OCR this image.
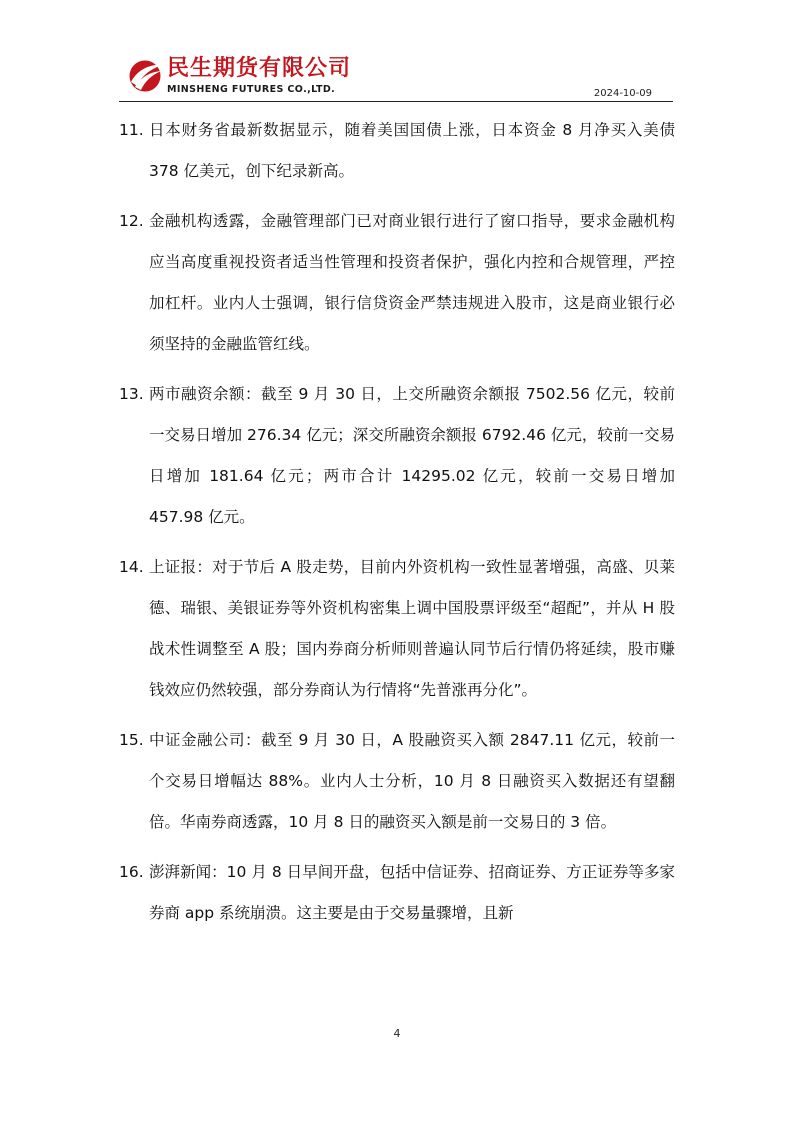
民生期货有限公司
MINSHENG FUTURES CO.,LTD.	2024-10-09
11. 日本财务省最新数据显示，随着美国国债上涨，日本资金 8 月净买入美债 378 亿美元，创下纪录新高。
12. 金融机构透露，金融管理部门已对商业银行进行了窗口指导，要求金融机构应当高度重视投资者适当性管理和投资者保护，强化内控和合规管理，严控加杠杆。业内人士强调，银行信贷资金严禁违规进入股市，这是商业银行必须坚持的金融监管红线。
13. 两市融资余额：截至 9 月 30 日，上交所融资余额报 7502.56 亿元，较前一交易日增加 276.34 亿元；深交所融资余额报 6792.46 亿元，较前一交易日增加 181.64 亿元；两市合计 14295.02 亿元，较前一交易日增加 457.98 亿元。
14. 上证报：对于节后 A 股走势，目前内外资机构一致性显著增强，高盛、贝莱德、瑞银、美银证券等外资机构密集上调中国股票评级至“超配”，并从 H 股战术性调整至 A 股；国内券商分析师则普遍认同节后行情仍将延续，股市赚钱效应仍然较强，部分券商认为行情将“先普涨再分化”。
15. 中证金融公司：截至 9 月 30 日，A 股融资买入额 2847.11 亿元，较前一个交易日增幅达 88%。业内人士分析，10 月 8 日融资买入数据还有望翻倍。华南券商透露，10 月 8 日的融资买入额是前一交易日的 3 倍。
16. 澎湃新闻：10 月 8 日早间开盘，包括中信证券、招商证券、方正证券等多家券商 app 系统崩溃。这主要是由于交易量骤增，且新
4
